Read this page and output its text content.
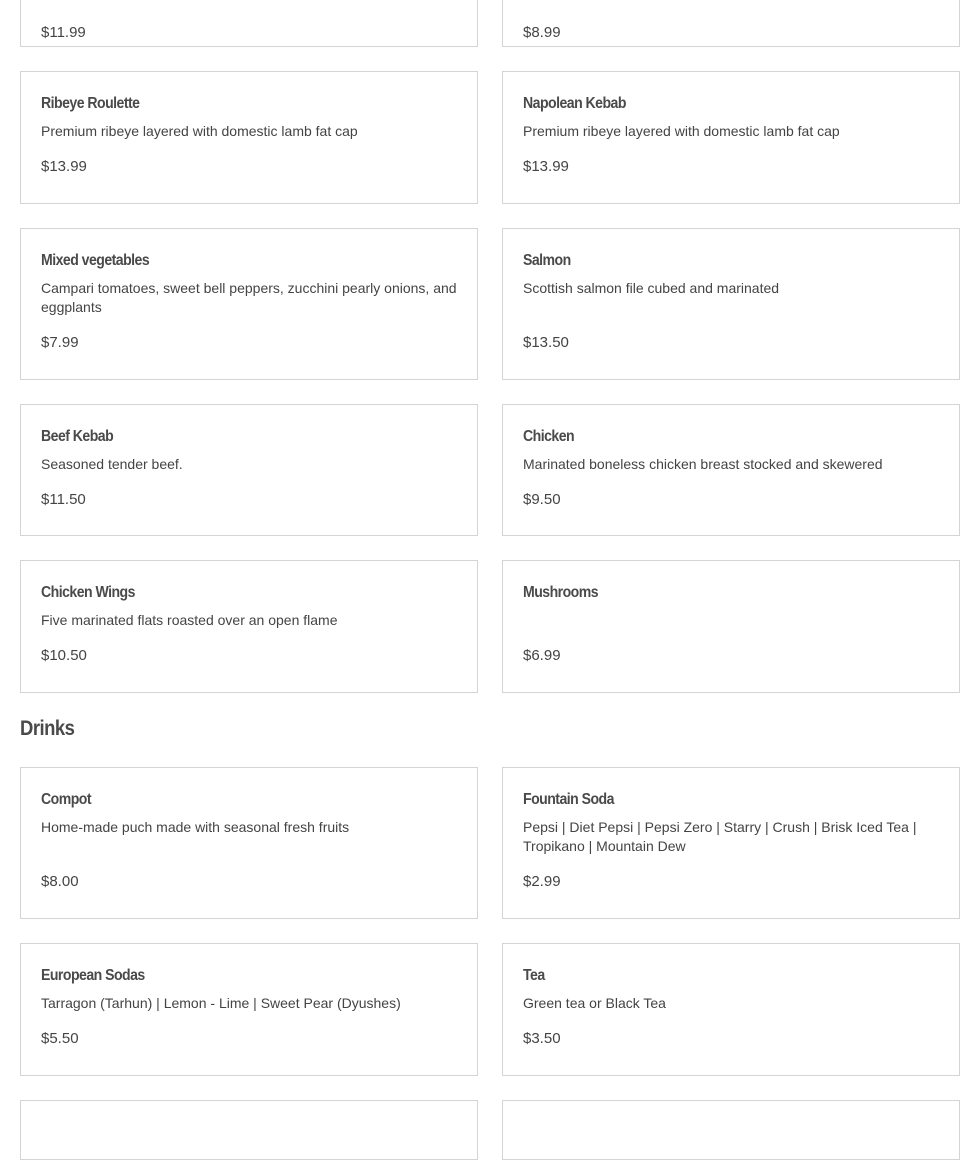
$11.99	$8.99
Ribeye Roulette
Premium ribeye layered with domestic lamb fat cap
$13.99
Napolean Kebab
Premium ribeye layered with domestic lamb fat cap
$13.99
Mixed vegetables
Campari tomatoes, sweet bell peppers, zucchini pearly onions, and eggplants
$7.99
Salmon
Scottish salmon file cubed and marinated
$13.50
Beef Kebab
Seasoned tender beef.
$11.50
Chicken
Marinated boneless chicken breast stocked and skewered
$9.50
Chicken Wings
Five marinated flats roasted over an open flame
$10.50
Mushrooms
$6.99
Drinks
Compot
Home-made puch made with seasonal fresh fruits
$8.00
Fountain Soda
Pepsi | Diet Pepsi | Pepsi Zero | Starry | Crush | Brisk Iced Tea | Tropikano | Mountain Dew
$2.99
European Sodas
Tarragon (Tarhun) | Lemon - Lime | Sweet Pear (Dyushes)
$5.50
Tea
Green tea or Black Tea
$3.50
